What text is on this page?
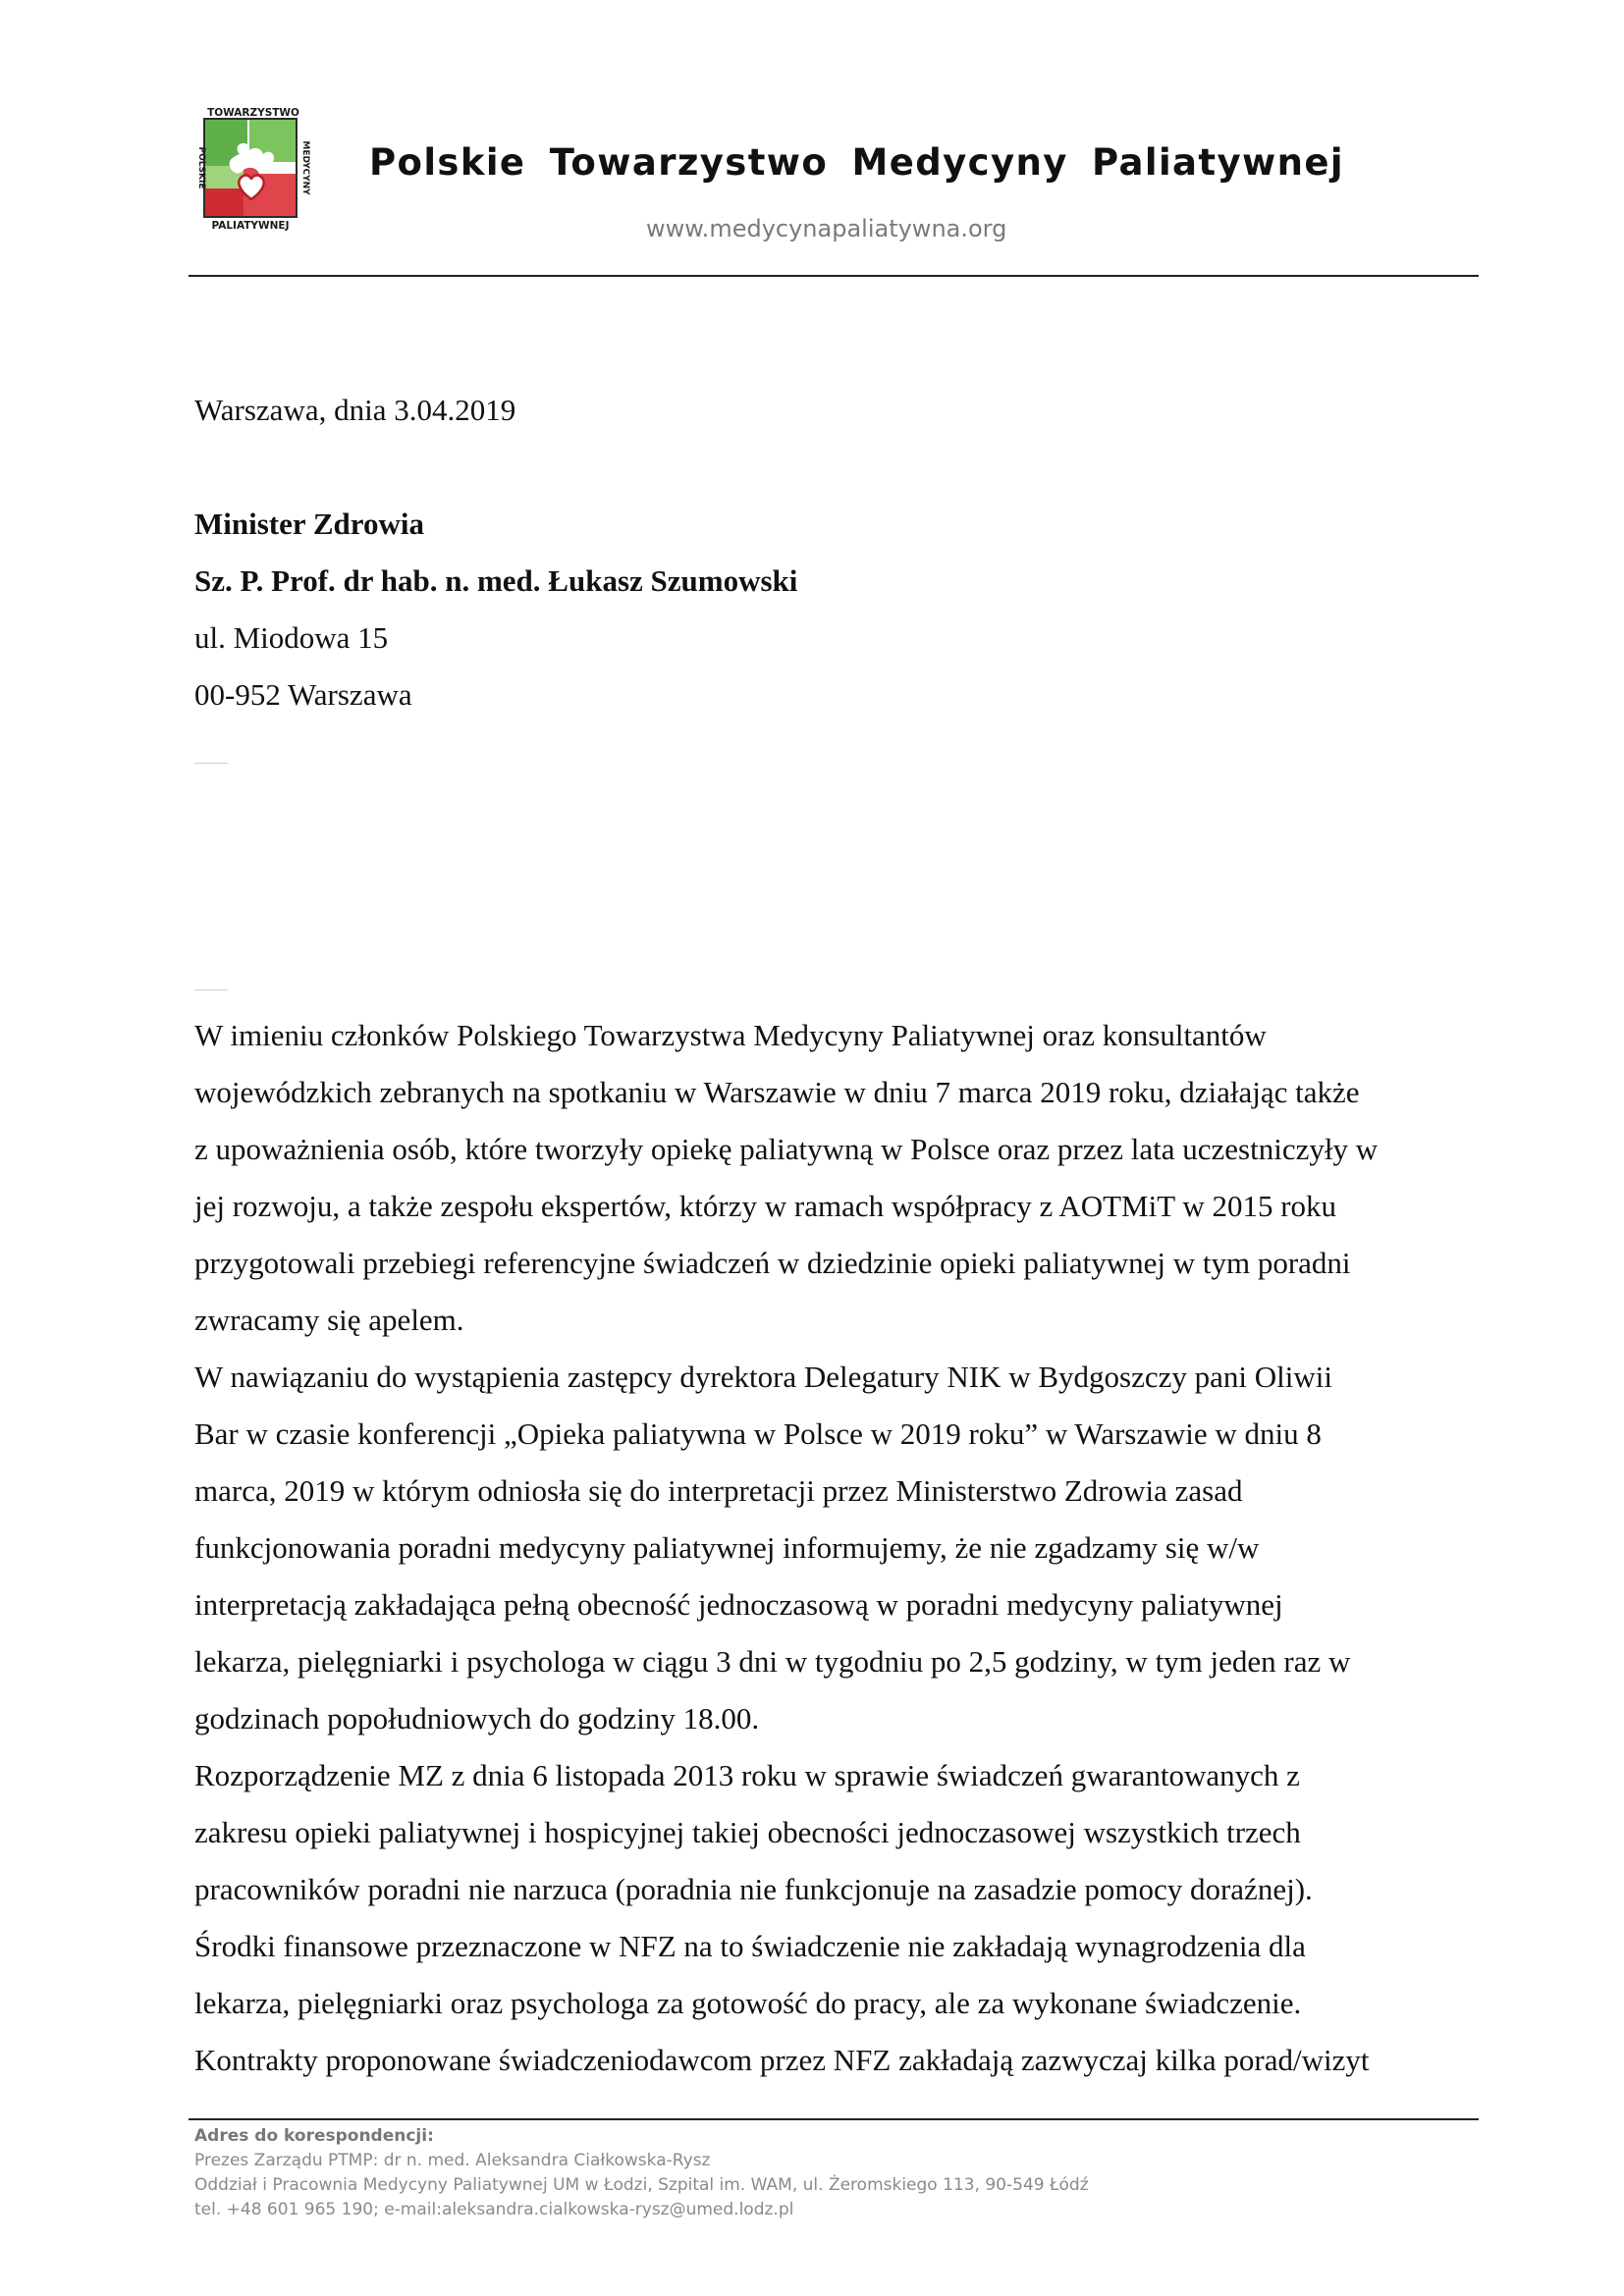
TOWARZYSTWO
PALIATYWNEJ
POLSKIE	MEDYCYNY Polskie Towarzystwo Medycyny Paliatywnej
www.medycynapaliatywna.org
Warszawa, dnia 3.04.2019
Minister Zdrowia
Sz. P. Prof. dr hab. n. med. Łukasz Szumowski
ul. Miodowa 15
00-952 Warszawa
W imieniu członków Polskiego Towarzystwa Medycyny Paliatywnej oraz konsultantów
wojewódzkich zebranych na spotkaniu w Warszawie w dniu 7 marca 2019 roku, działając także
z upoważnienia osób, które tworzyły opiekę paliatywną w Polsce oraz przez lata uczestniczyły w
jej rozwoju, a także zespołu ekspertów, którzy w ramach współpracy z AOTMiT w 2015 roku
przygotowali przebiegi referencyjne świadczeń w dziedzinie opieki paliatywnej w tym poradni
zwracamy się apelem.
W nawiązaniu do wystąpienia zastępcy dyrektora Delegatury NIK w Bydgoszczy pani Oliwii
Bar w czasie konferencji „Opieka paliatywna w Polsce w 2019 roku” w Warszawie w dniu 8
marca, 2019 w którym odniosła się do interpretacji przez Ministerstwo Zdrowia zasad
funkcjonowania poradni medycyny paliatywnej informujemy, że nie zgadzamy się w/w
interpretacją zakładająca pełną obecność jednoczasową w poradni medycyny paliatywnej
lekarza, pielęgniarki i psychologa w ciągu 3 dni w tygodniu po 2,5 godziny, w tym jeden raz w
godzinach popołudniowych do godziny 18.00.
Rozporządzenie MZ z dnia 6 listopada 2013 roku w sprawie świadczeń gwarantowanych z
zakresu opieki paliatywnej i hospicyjnej takiej obecności jednoczasowej wszystkich trzech
pracowników poradni nie narzuca (poradnia nie funkcjonuje na zasadzie pomocy doraźnej).
Środki finansowe przeznaczone w NFZ na to świadczenie nie zakładają wynagrodzenia dla
lekarza, pielęgniarki oraz psychologa za gotowość do pracy, ale za wykonane świadczenie.
Kontrakty proponowane świadczeniodawcom przez NFZ zakładają zazwyczaj kilka porad/wizyt
Adres do korespondencji:
Prezes Zarządu PTMP: dr n. med. Aleksandra Ciałkowska-Rysz
Oddział i Pracownia Medycyny Paliatywnej UM w Łodzi, Szpital im. WAM, ul. Żeromskiego 113, 90-549 Łódź
tel. +48 601 965 190; e-mail:aleksandra.cialkowska-rysz@umed.lodz.pl
